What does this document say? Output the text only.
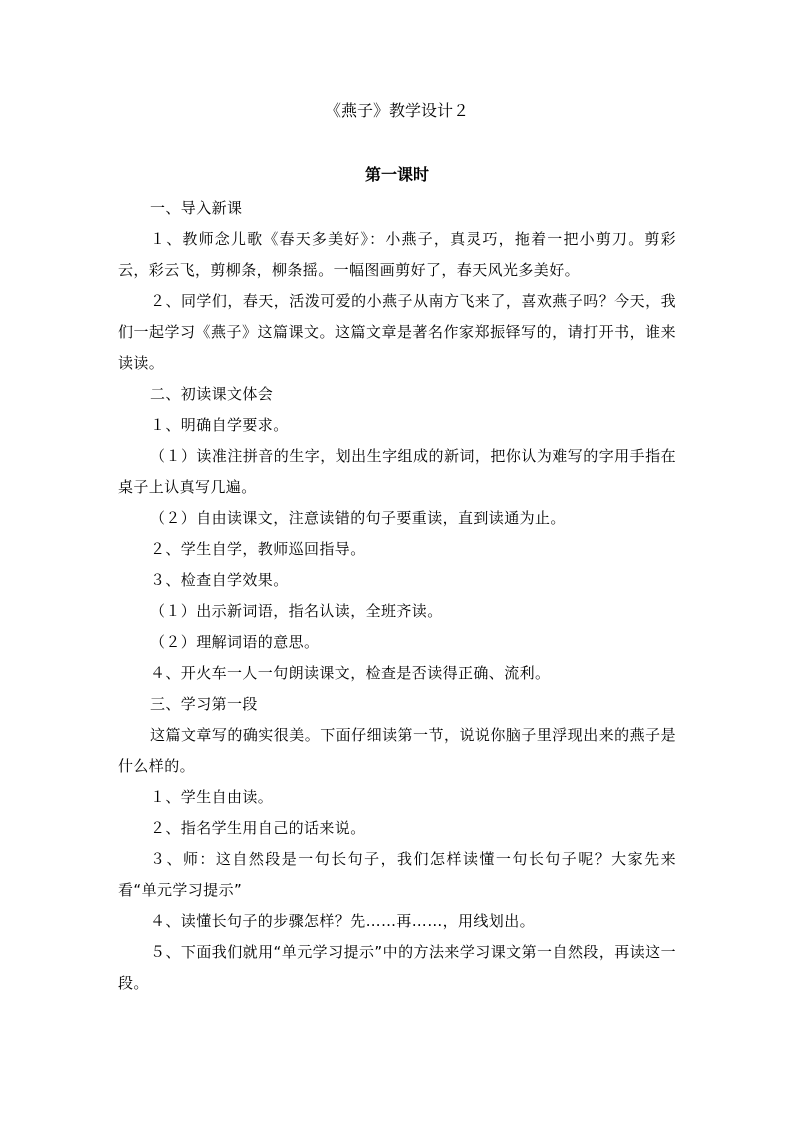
《燕子》教学设计２
第一课时

一、导入新课

１、教师念儿歌《春天多美好》：小燕子，真灵巧，拖着一把小剪刀。剪彩云，彩云飞，剪柳条，柳条摇。一幅图画剪好了，春天风光多美好。

２、同学们，春天，活泼可爱的小燕子从南方飞来了，喜欢燕子吗？今天，我们一起学习《燕子》这篇课文。这篇文章是著名作家郑振铎写的，请打开书，谁来读读。

二、初读课文体会

１、明确自学要求。

（１）读准注拼音的生字，划出生字组成的新词，把你认为难写的字用手指在桌子上认真写几遍。

（２）自由读课文，注意读错的句子要重读，直到读通为止。

２、学生自学，教师巡回指导。

３、检查自学效果。

（１）出示新词语，指名认读，全班齐读。

（２）理解词语的意思。

４、开火车一人一句朗读课文，检查是否读得正确、流利。

三、学习第一段

这篇文章写的确实很美。下面仔细读第一节，说说你脑子里浮现出来的燕子是什么样的。

１、学生自由读。

２、指名学生用自己的话来说。

３、师：这自然段是一句长句子，我们怎样读懂一句长句子呢？大家先来看“单元学习提示”

４、读懂长句子的步骤怎样？先……再……，用线划出。

５、下面我们就用“单元学习提示”中的方法来学习课文第一自然段，再读这一段。
